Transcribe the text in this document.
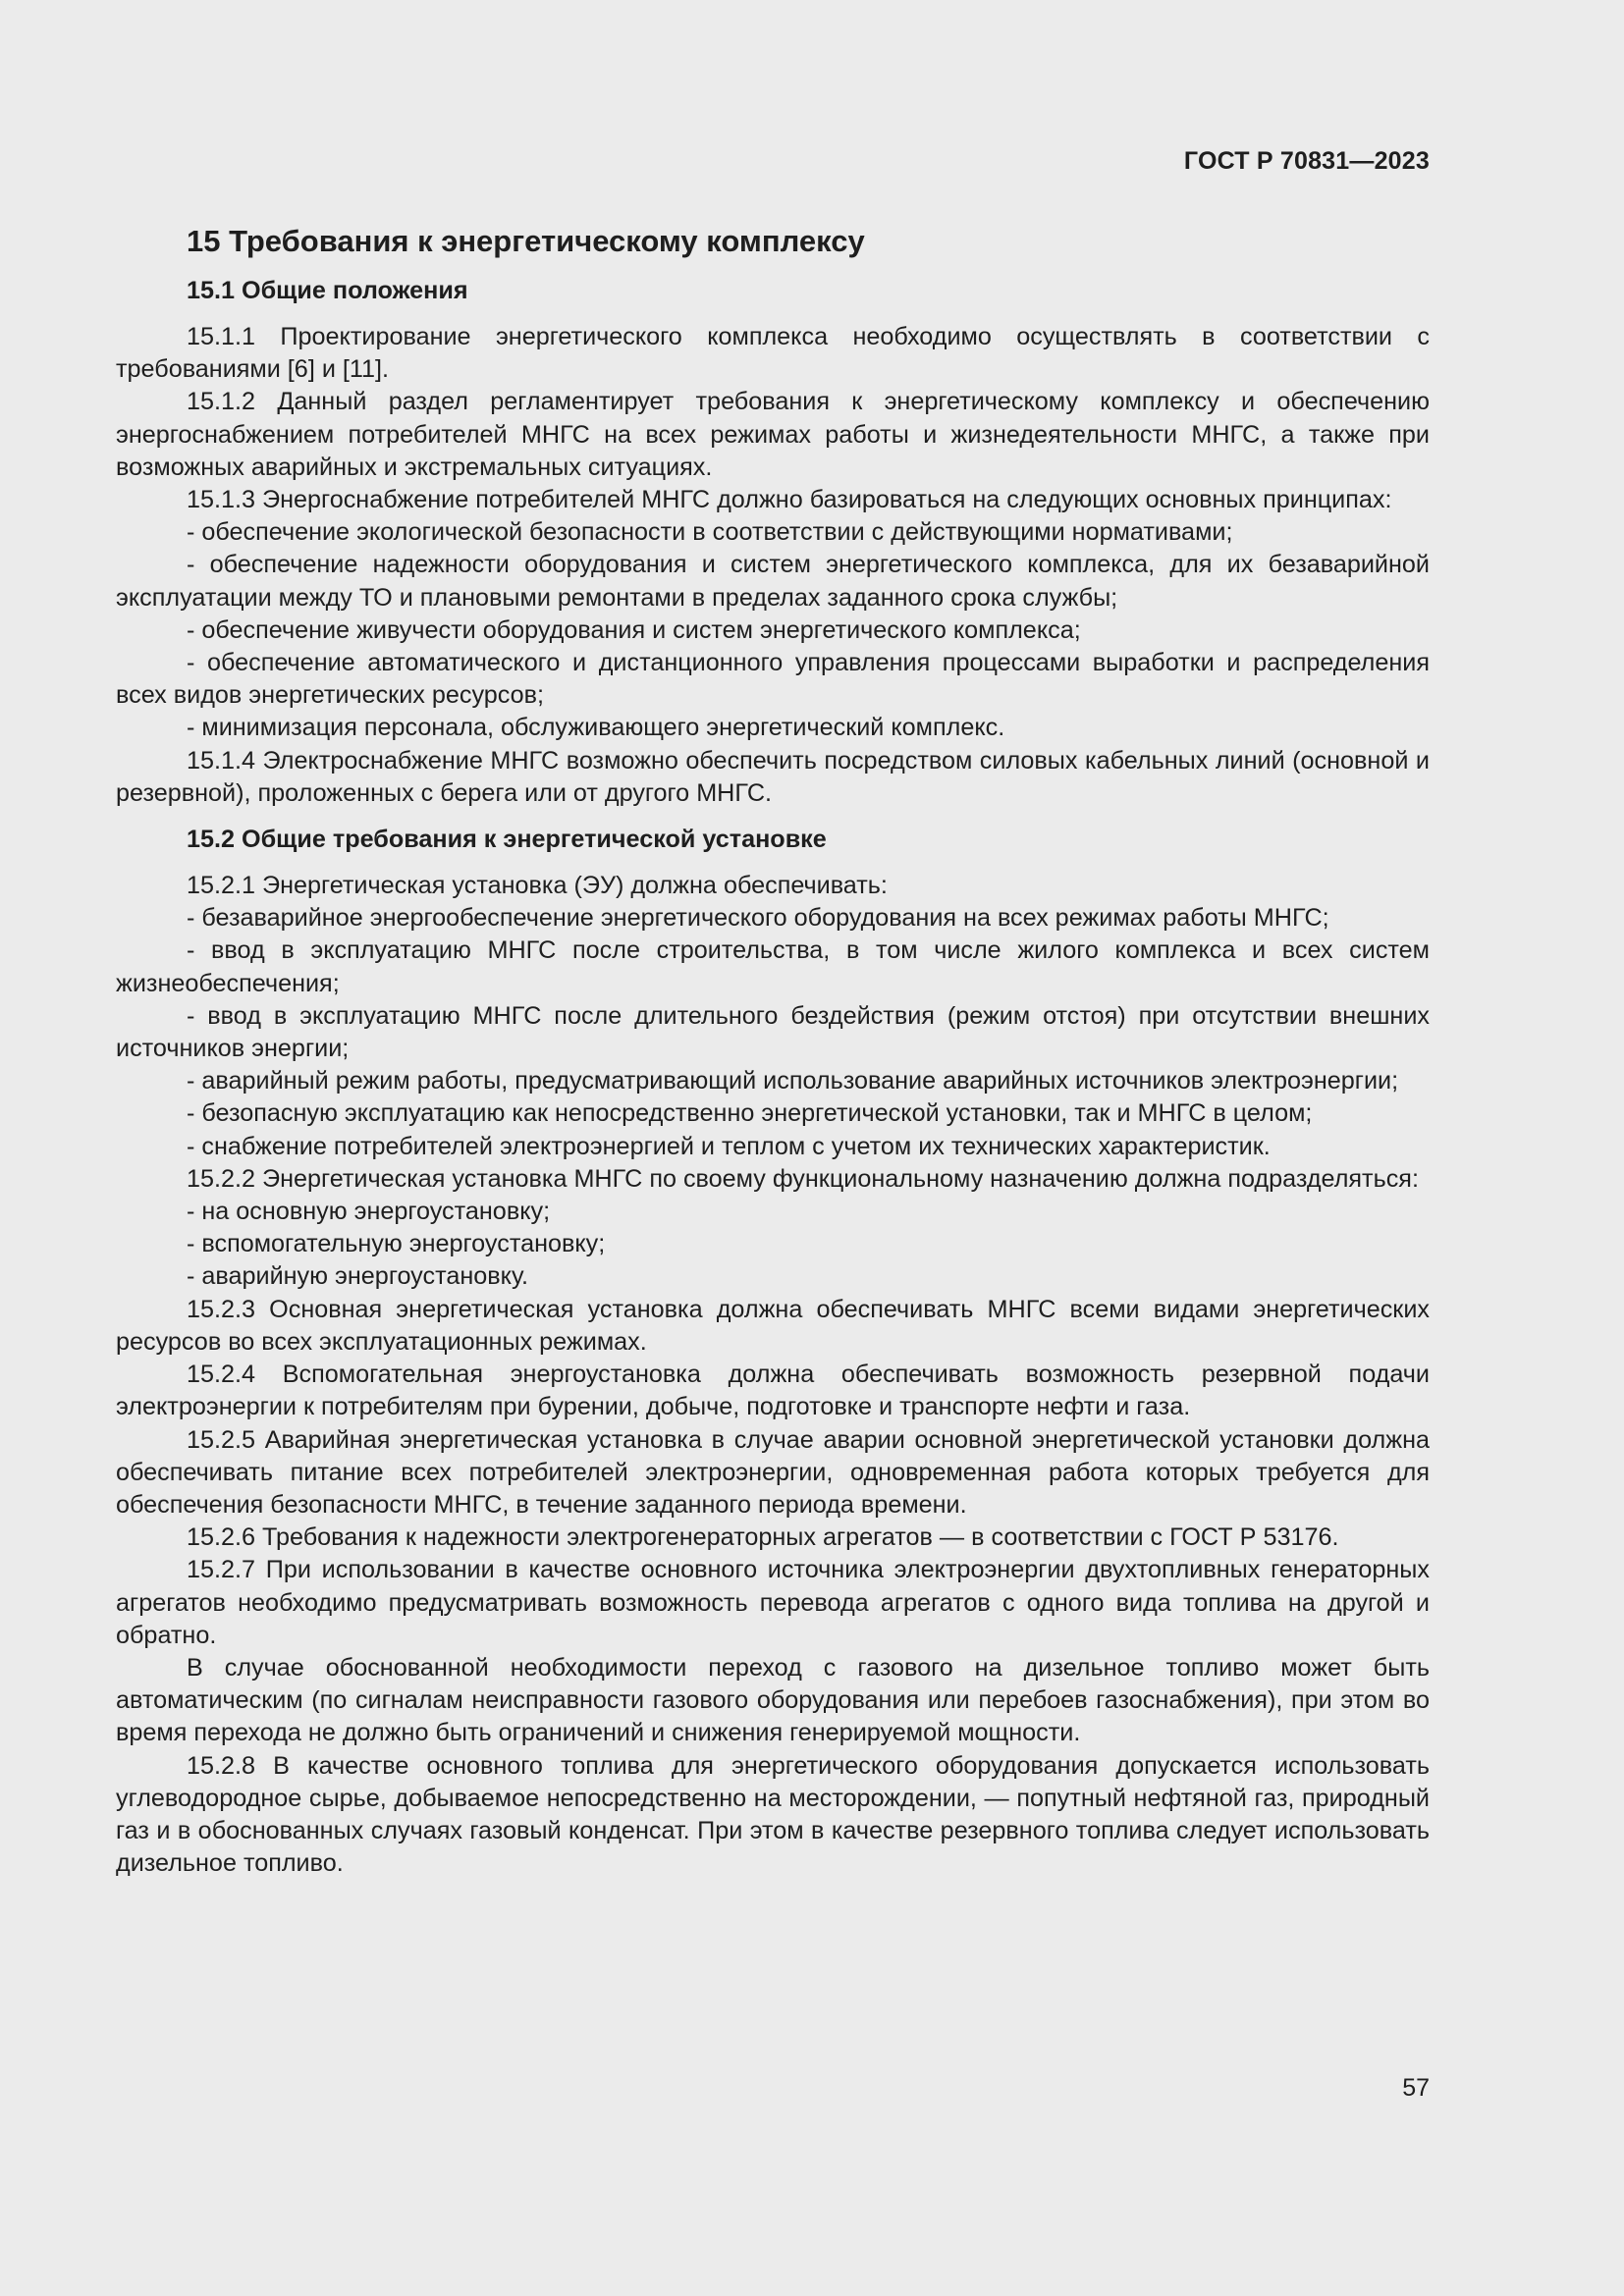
ГОСТ Р 70831—2023
15 Требования к энергетическому комплексу
15.1 Общие положения

15.1.1 Проектирование энергетического комплекса необходимо осуществлять в соответствии с требованиями [6] и [11].

15.1.2 Данный раздел регламентирует требования к энергетическому комплексу и обеспечению энергоснабжением потребителей МНГС на всех режимах работы и жизнедеятельности МНГС, а также при возможных аварийных и экстремальных ситуациях.

15.1.3 Энергоснабжение потребителей МНГС должно базироваться на следующих основных принципах:

- обеспечение экологической безопасности в соответствии с действующими нормативами;

- обеспечение надежности оборудования и систем энергетического комплекса, для их безаварийной эксплуатации между ТО и плановыми ремонтами в пределах заданного срока службы;

- обеспечение живучести оборудования и систем энергетического комплекса;

- обеспечение автоматического и дистанционного управления процессами выработки и распределения всех видов энергетических ресурсов;

- минимизация персонала, обслуживающего энергетический комплекс.

15.1.4 Электроснабжение МНГС возможно обеспечить посредством силовых кабельных линий (основной и резервной), проложенных с берега или от другого МНГС.

15.2 Общие требования к энергетической установке

15.2.1 Энергетическая установка (ЭУ) должна обеспечивать:

- безаварийное энергообеспечение энергетического оборудования на всех режимах работы МНГС;

- ввод в эксплуатацию МНГС после строительства, в том числе жилого комплекса и всех систем жизнеобеспечения;

- ввод в эксплуатацию МНГС после длительного бездействия (режим отстоя) при отсутствии внешних источников энергии;

- аварийный режим работы, предусматривающий использование аварийных источников электроэнергии;

- безопасную эксплуатацию как непосредственно энергетической установки, так и МНГС в целом;

- снабжение потребителей электроэнергией и теплом с учетом их технических характеристик.

15.2.2 Энергетическая установка МНГС по своему функциональному назначению должна подразделяться:

- на основную энергоустановку;

- вспомогательную энергоустановку;

- аварийную энергоустановку.

15.2.3 Основная энергетическая установка должна обеспечивать МНГС всеми видами энергетических ресурсов во всех эксплуатационных режимах.

15.2.4 Вспомогательная энергоустановка должна обеспечивать возможность резервной подачи электроэнергии к потребителям при бурении, добыче, подготовке и транспорте нефти и газа.

15.2.5 Аварийная энергетическая установка в случае аварии основной энергетической установки должна обеспечивать питание всех потребителей электроэнергии, одновременная работа которых требуется для обеспечения безопасности МНГС, в течение заданного периода времени.

15.2.6 Требования к надежности электрогенераторных агрегатов — в соответствии с ГОСТ Р 53176.

15.2.7 При использовании в качестве основного источника электроэнергии двухтопливных генераторных агрегатов необходимо предусматривать возможность перевода агрегатов с одного вида топлива на другой и обратно.

В случае обоснованной необходимости переход с газового на дизельное топливо может быть автоматическим (по сигналам неисправности газового оборудования или перебоев газоснабжения), при этом во время перехода не должно быть ограничений и снижения генерируемой мощности.

15.2.8 В качестве основного топлива для энергетического оборудования допускается использовать углеводородное сырье, добываемое непосредственно на месторождении, — попутный нефтяной газ, природный газ и в обоснованных случаях газовый конденсат. При этом в качестве резервного топлива следует использовать дизельное топливо.

57
